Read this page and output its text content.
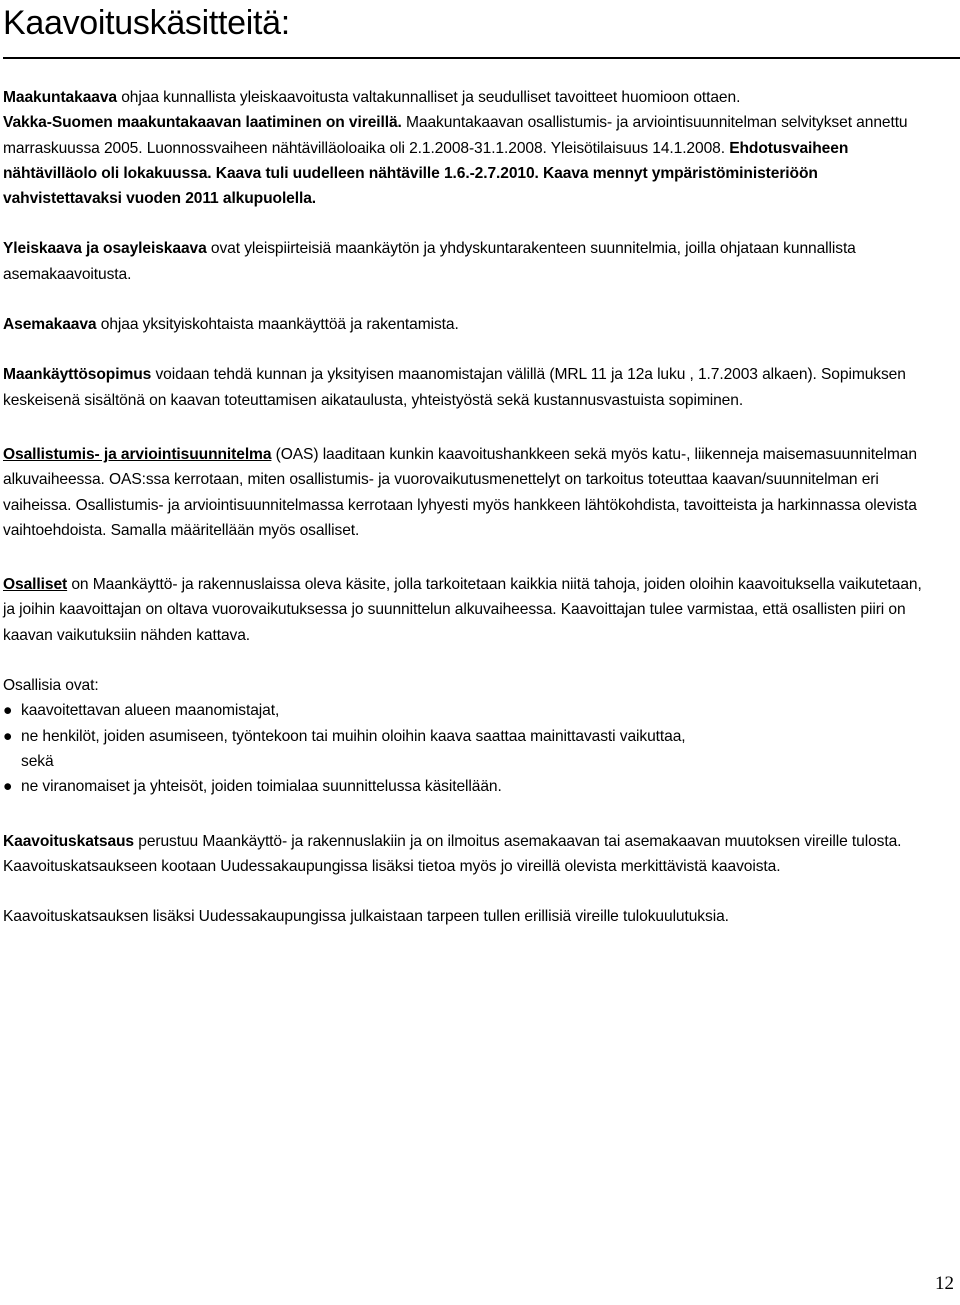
Kaavoituskäsitteitä:

Maakuntakaava ohjaa kunnallista yleiskaavoitusta valtakunnalliset ja seudulliset tavoitteet huomioon ottaen.
Vakka-Suomen maakuntakaavan laatiminen on vireillä. Maakuntakaavan osallistumis- ja arviointisuunnitelman selvitykset annettu marraskuussa 2005. Luonnossvaiheen nähtävilläoloaika oli 2.1.2008-31.1.2008. Yleisötilaisuus 14.1.2008. Ehdotusvaiheen nähtävilläolo oli lokakuussa. Kaava tuli uudelleen nähtäville 1.6.-2.7.2010. Kaava mennyt ympäristöministeriöön vahvistettavaksi vuoden 2011 alkupuolella.

Yleiskaava ja osayleiskaava ovat yleispiirteisiä maankäytön ja yhdyskuntarakenteen suunnitelmia, joilla ohjataan kunnallista asemakaavoitusta.

Asemakaava ohjaa yksityiskohtaista maankäyttöä ja rakentamista.

Maankäyttösopimus voidaan tehdä kunnan ja yksityisen maanomistajan välillä (MRL 11 ja 12a luku , 1.7.2003 alkaen). Sopimuksen keskeisenä sisältönä on kaavan toteuttamisen aikataulusta, yhteistyöstä sekä kustannusvastuista sopiminen.

Osallistumis- ja arviointisuunnitelma (OAS) laaditaan kunkin kaavoitushankkeen sekä myös katu-, liikenneja maisemasuunnitelman alkuvaiheessa. OAS:ssa kerrotaan, miten osallistumis- ja vuorovaikutusmenettelyt on tarkoitus toteuttaa kaavan/suunnitelman eri vaiheissa. Osallistumis- ja arviointisuunnitelmassa kerrotaan lyhyesti myös hankkeen lähtökohdista, tavoitteista ja harkinnassa olevista vaihtoehdoista. Samalla määritellään myös osalliset.

Osalliset on Maankäyttö- ja rakennuslaissa oleva käsite, jolla tarkoitetaan kaikkia niitä tahoja, joiden oloihin kaavoituksella vaikutetaan, ja joihin kaavoittajan on oltava vuorovaikutuksessa jo suunnittelun alkuvaiheessa. Kaavoittajan tulee varmistaa, että osallisten piiri on kaavan vaikutuksiin nähden kattava.

Osallisia ovat:

● kaavoitettavan alueen maanomistajat,
● ne henkilöt, joiden asumiseen, työntekoon tai muihin oloihin kaava saattaa mainittavasti vaikuttaa,
sekä
● ne viranomaiset ja yhteisöt, joiden toimialaa suunnittelussa käsitellään.

Kaavoituskatsaus perustuu Maankäyttö- ja rakennuslakiin ja on ilmoitus asemakaavan tai asemakaavan muutoksen vireille tulosta. Kaavoituskatsaukseen kootaan Uudessakaupungissa lisäksi tietoa myös jo vireillä olevista merkittävistä kaavoista.

Kaavoituskatsauksen lisäksi Uudessakaupungissa julkaistaan tarpeen tullen erillisiä vireille tulokuulutuksia.

12
